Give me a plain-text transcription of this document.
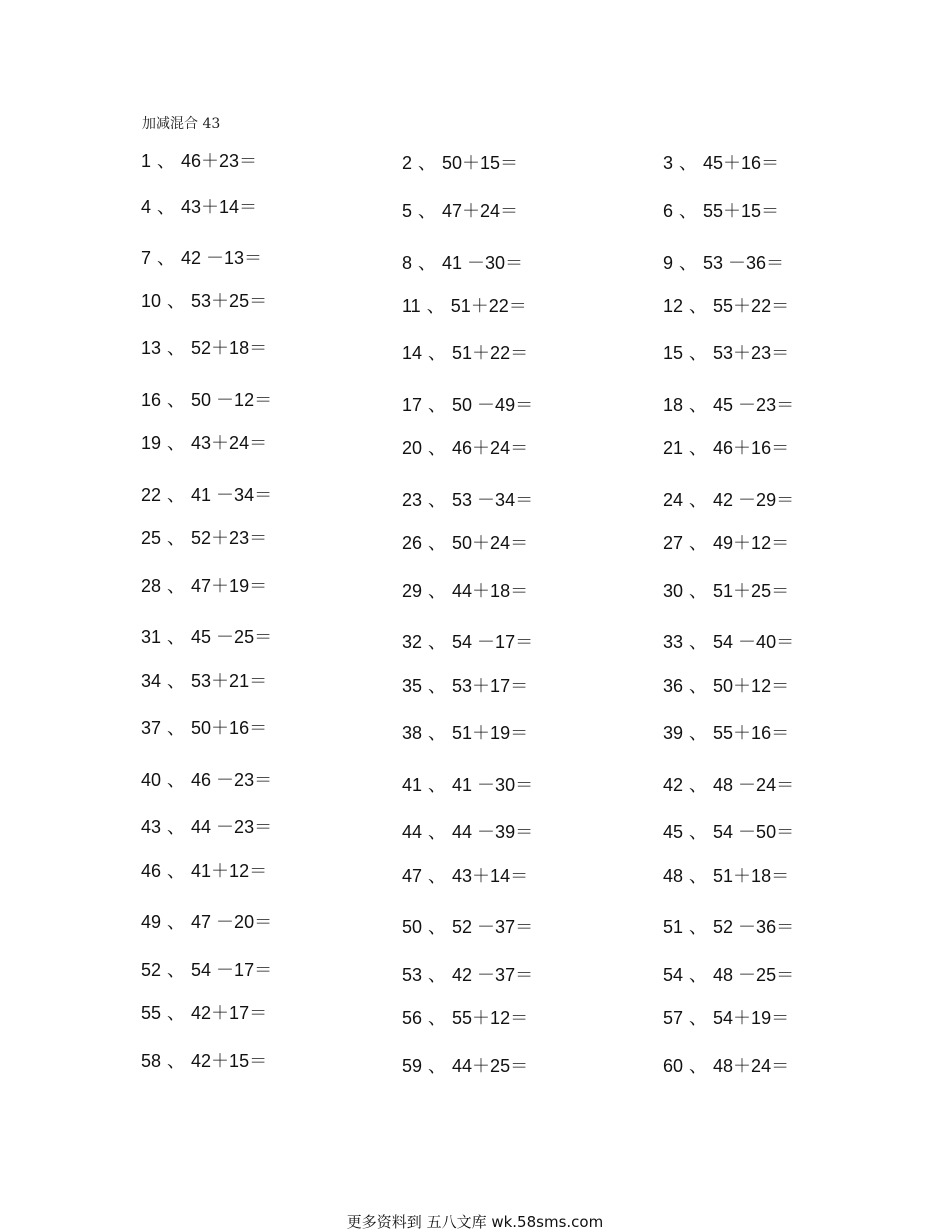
加减混合 43
1 、 46＋23＝	2 、 50＋15＝	3 、 45＋16＝
4 、 43＋14＝	5 、 47＋24＝	6 、 55＋15＝
7 、 42 －13＝	8 、 41 －30＝	9 、 53 －36＝
10 、 53＋25＝	11 、 51＋22＝	12 、 55＋22＝
13 、 52＋18＝	14 、 51＋22＝	15 、 53＋23＝
16 、 50 －12＝	17 、 50 －49＝	18 、 45 －23＝
19 、 43＋24＝	20 、 46＋24＝	21 、 46＋16＝
22 、 41 －34＝	23 、 53 －34＝	24 、 42 －29＝
25 、 52＋23＝	26 、 50＋24＝	27 、 49＋12＝
28 、 47＋19＝	29 、 44＋18＝	30 、 51＋25＝
31 、 45 －25＝	32 、 54 －17＝	33 、 54 －40＝
34 、 53＋21＝	35 、 53＋17＝	36 、 50＋12＝
37 、 50＋16＝	38 、 51＋19＝	39 、 55＋16＝
40 、 46 －23＝	41 、 41 －30＝	42 、 48 －24＝
43 、 44 －23＝	44 、 44 －39＝	45 、 54 －50＝
46 、 41＋12＝	47 、 43＋14＝	48 、 51＋18＝
49 、 47 －20＝	50 、 52 －37＝	51 、 52 －36＝
52 、 54 －17＝	53 、 42 －37＝	54 、 48 －25＝
55 、 42＋17＝	56 、 55＋12＝	57 、 54＋19＝
58 、 42＋15＝	59 、 44＋25＝	60 、 48＋24＝
更多资料到 五八文库 wk.58sms.com
